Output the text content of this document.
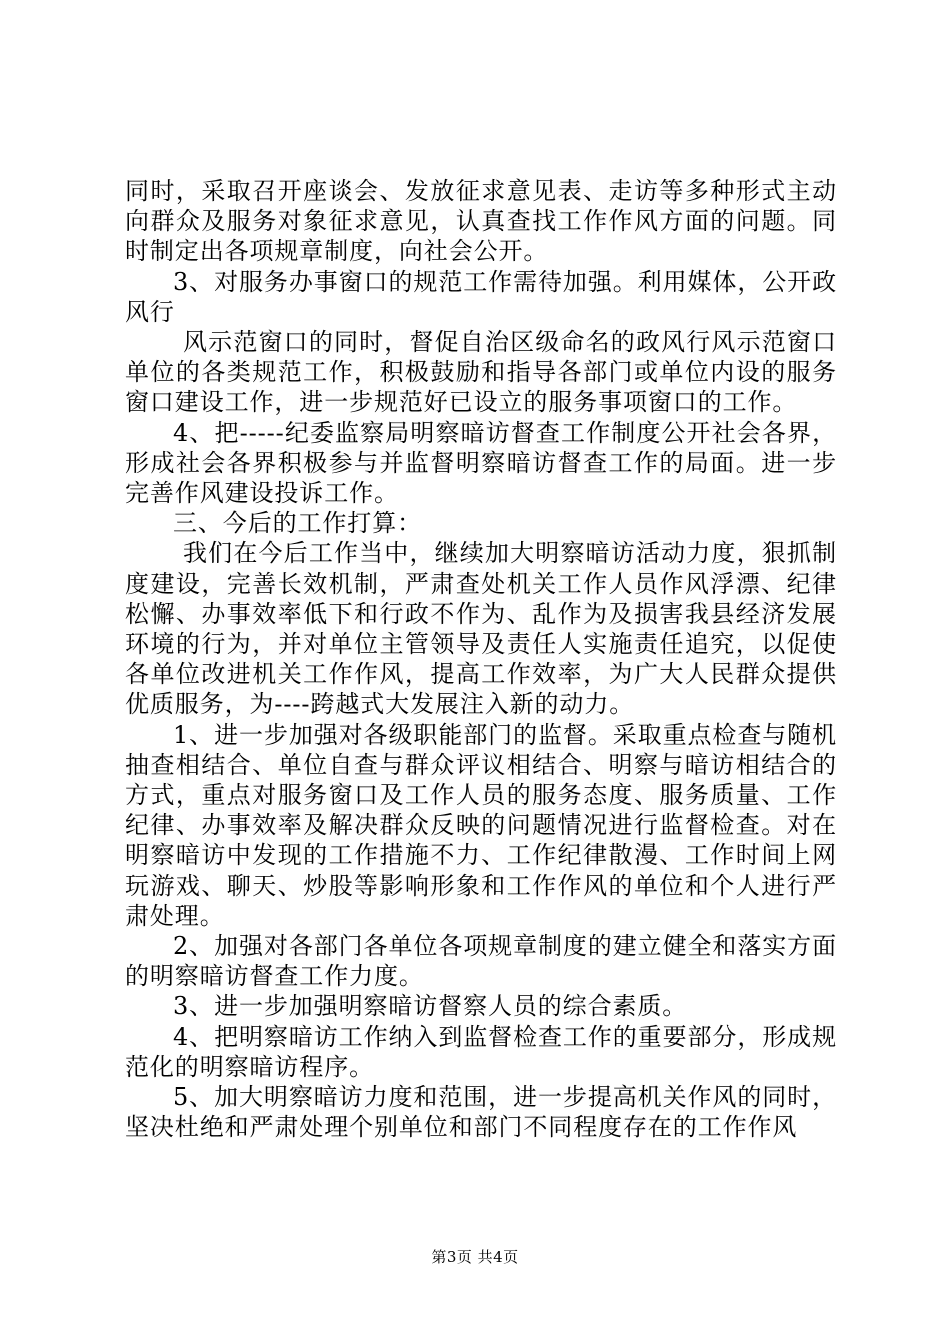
同时，采取召开座谈会、发放征求意见表、走访等多种形式主动向群众及服务对象征求意见，认真查找工作作风方面的问题。同时制定出各项规章制度，向社会公开。

3、对服务办事窗口的规范工作需待加强。利用媒体，公开政风行

风示范窗口的同时，督促自治区级命名的政风行风示范窗口单位的各类规范工作，积极鼓励和指导各部门或单位内设的服务窗口建设工作，进一步规范好已设立的服务事项窗口的工作。

4、把-----纪委监察局明察暗访督查工作制度公开社会各界，形成社会各界积极参与并监督明察暗访督查工作的局面。进一步完善作风建设投诉工作。

三、今后的工作打算：

我们在今后工作当中，继续加大明察暗访活动力度，狠抓制度建设，完善长效机制，严肃查处机关工作人员作风浮漂、纪律松懈、办事效率低下和行政不作为、乱作为及损害我县经济发展环境的行为，并对单位主管领导及责任人实施责任追究，以促使各单位改进机关工作作风，提高工作效率，为广大人民群众提供优质服务，为----跨越式大发展注入新的动力。

1、进一步加强对各级职能部门的监督。采取重点检查与随机抽查相结合、单位自查与群众评议相结合、明察与暗访相结合的方式，重点对服务窗口及工作人员的服务态度、服务质量、工作纪律、办事效率及解决群众反映的问题情况进行监督检查。对在明察暗访中发现的工作措施不力、工作纪律散漫、工作时间上网玩游戏、聊天、炒股等影响形象和工作作风的单位和个人进行严肃处理。

2、加强对各部门各单位各项规章制度的建立健全和落实方面的明察暗访督查工作力度。

3、进一步加强明察暗访督察人员的综合素质。

4、把明察暗访工作纳入到监督检查工作的重要部分，形成规范化的明察暗访程序。

5、加大明察暗访力度和范围，进一步提高机关作风的同时，坚决杜绝和严肃处理个别单位和部门不同程度存在的工作作风

第3页 共4页
